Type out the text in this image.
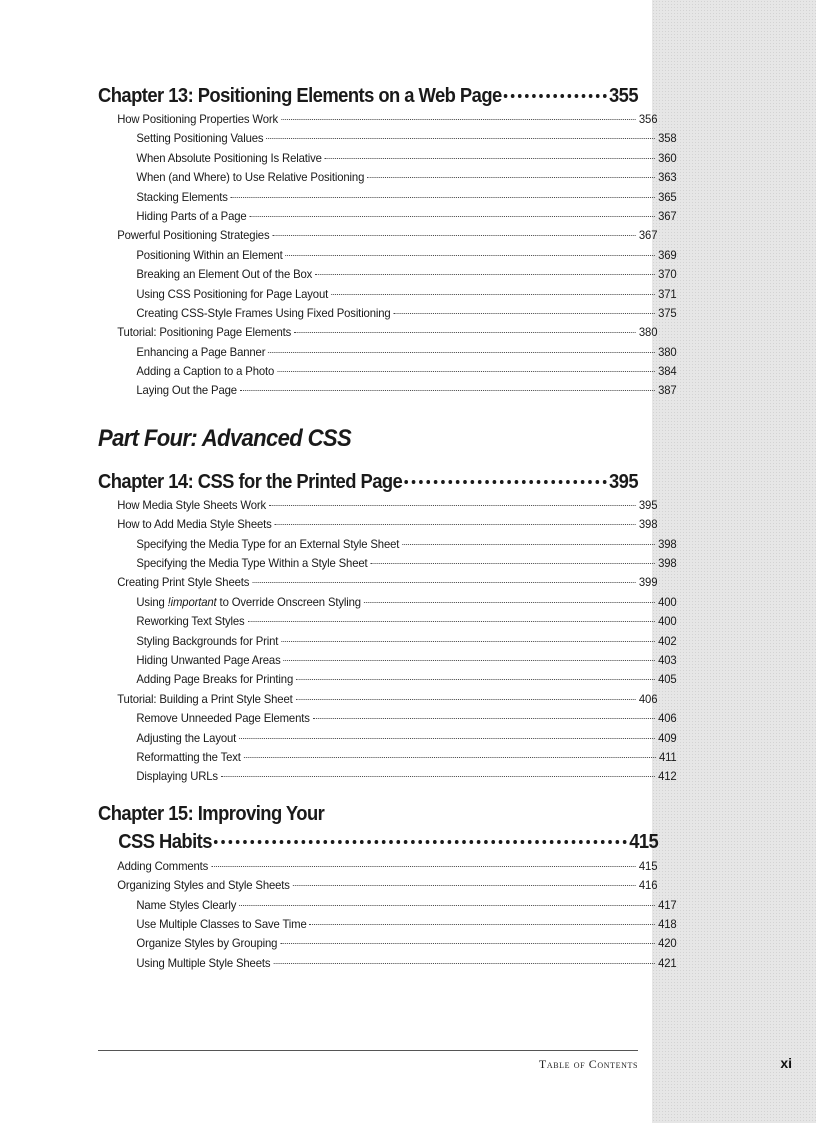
Chapter 13: Positioning Elements on a Web Page	355
How Positioning Properties Work	356
Setting Positioning Values	358
When Absolute Positioning Is Relative	360
When (and Where) to Use Relative Positioning	363
Stacking Elements	365
Hiding Parts of a Page	367
Powerful Positioning Strategies	367
Positioning Within an Element	369
Breaking an Element Out of the Box	370
Using CSS Positioning for Page Layout	371
Creating CSS-Style Frames Using Fixed Positioning	375
Tutorial: Positioning Page Elements	380
Enhancing a Page Banner	380
Adding a Caption to a Photo	384
Laying Out the Page	387
Part Four: Advanced CSS
Chapter 14: CSS for the Printed Page	395
How Media Style Sheets Work	395
How to Add Media Style Sheets	398
Specifying the Media Type for an External Style Sheet	398
Specifying the Media Type Within a Style Sheet	398
Creating Print Style Sheets	399
Using !important to Override Onscreen Styling	400
Reworking Text Styles	400
Styling Backgrounds for Print	402
Hiding Unwanted Page Areas	403
Adding Page Breaks for Printing	405
Tutorial: Building a Print Style Sheet	406
Remove Unneeded Page Elements	406
Adjusting the Layout	409
Reformatting the Text	411
Displaying URLs	412
Chapter 15: Improving Your
CSS Habits	415
Adding Comments	415
Organizing Styles and Style Sheets	416
Name Styles Clearly	417
Use Multiple Classes to Save Time	418
Organize Styles by Grouping	420
Using Multiple Style Sheets	421
Table of Contents	xi
